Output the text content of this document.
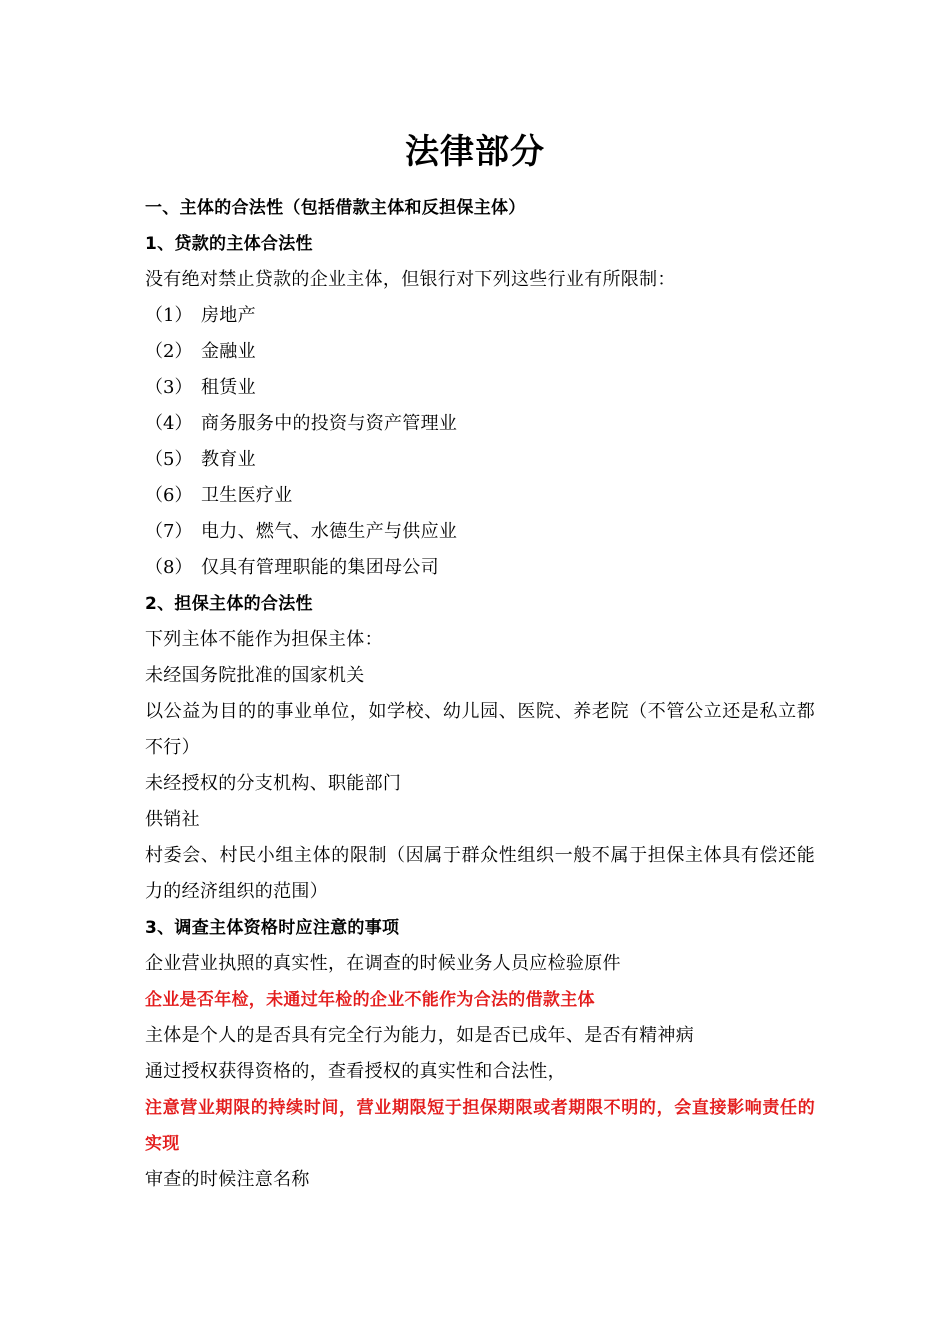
法律部分
一、主体的合法性（包括借款主体和反担保主体）
1、贷款的主体合法性
没有绝对禁止贷款的企业主体，但银行对下列这些行业有所限制：
（1） 房地产
（2） 金融业
（3） 租赁业
（4） 商务服务中的投资与资产管理业
（5） 教育业
（6） 卫生医疗业
（7） 电力、燃气、水德生产与供应业
（8） 仅具有管理职能的集团母公司
2、担保主体的合法性
下列主体不能作为担保主体：
未经国务院批准的国家机关
以公益为目的的事业单位，如学校、幼儿园、医院、养老院（不管公立还是私立都不行）
未经授权的分支机构、职能部门
供销社
村委会、村民小组主体的限制（因属于群众性组织一般不属于担保主体具有偿还能力的经济组织的范围）
3、调查主体资格时应注意的事项
企业营业执照的真实性，在调查的时候业务人员应检验原件
企业是否年检，未通过年检的企业不能作为合法的借款主体
主体是个人的是否具有完全行为能力，如是否已成年、是否有精神病
通过授权获得资格的，查看授权的真实性和合法性，
注意营业期限的持续时间，营业期限短于担保期限或者期限不明的，会直接影响责任的实现
审查的时候注意名称
